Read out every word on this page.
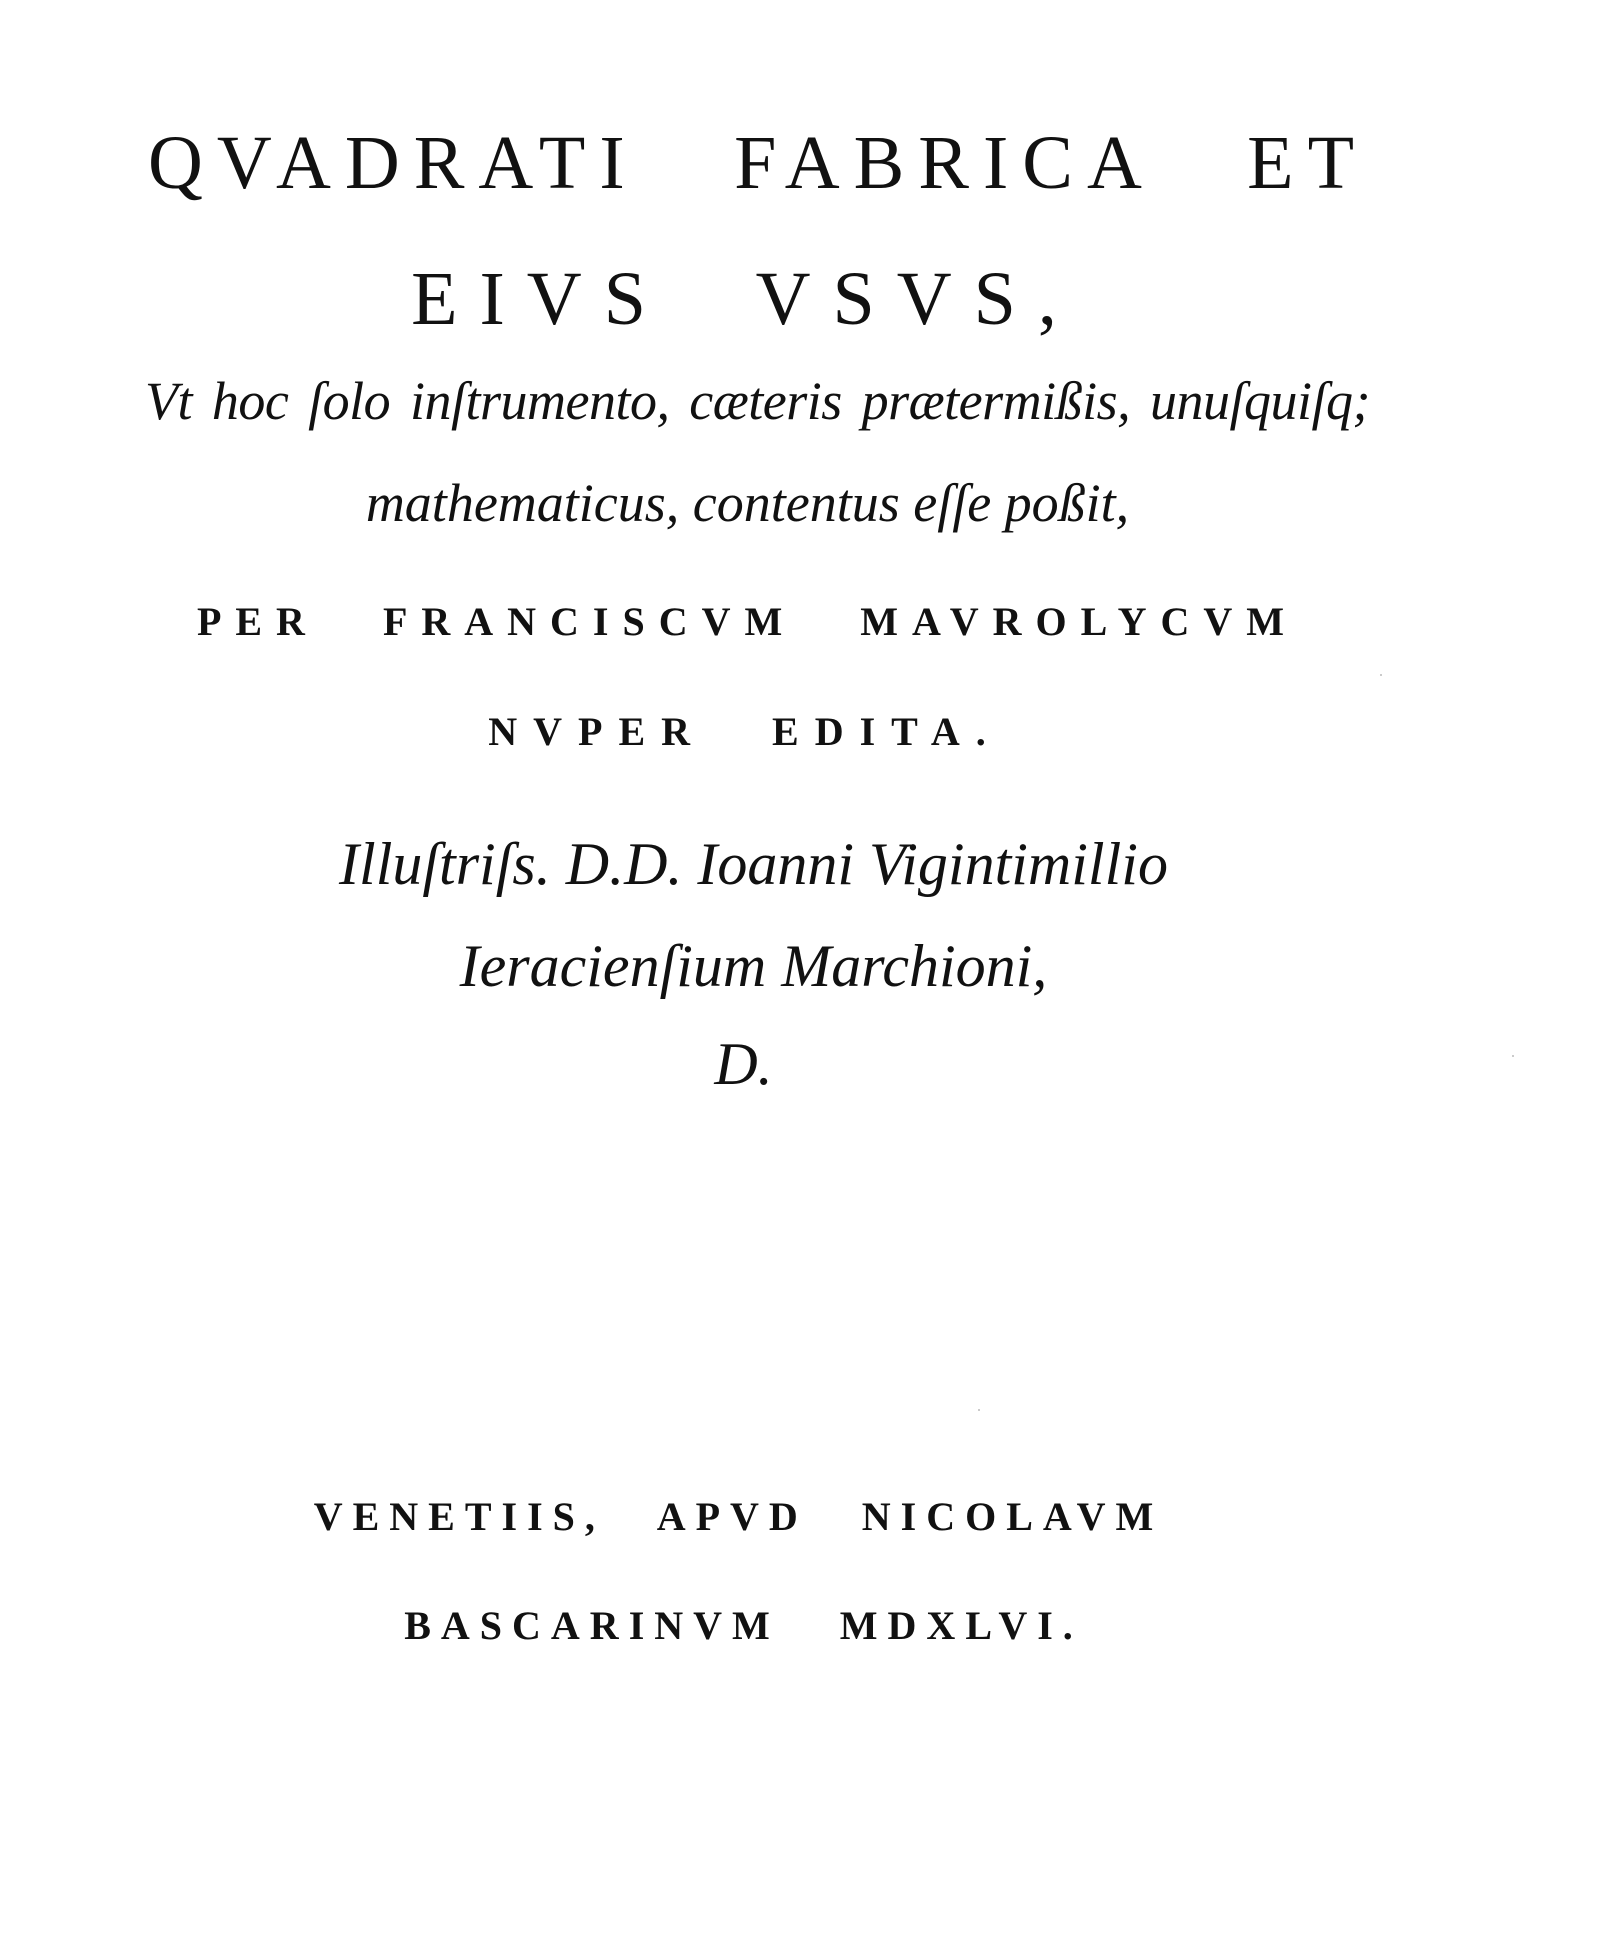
QVADRATI FABRICA ET
EIVS VSVS,
Vt hoc ſolo inſtrumento, cæteris prætermißis, unuſquiſq;
mathematicus, contentus eſſe poßit,
PER FRANCISCVM MAVROLYCVM
NVPER EDITA.
Illuſtriſs. D.D. Ioanni Vigintimillio
Ieracienſium Marchioni,
D.
VENETIIS, APVD NICOLAVM
BASCARINVM MDXLVI.
